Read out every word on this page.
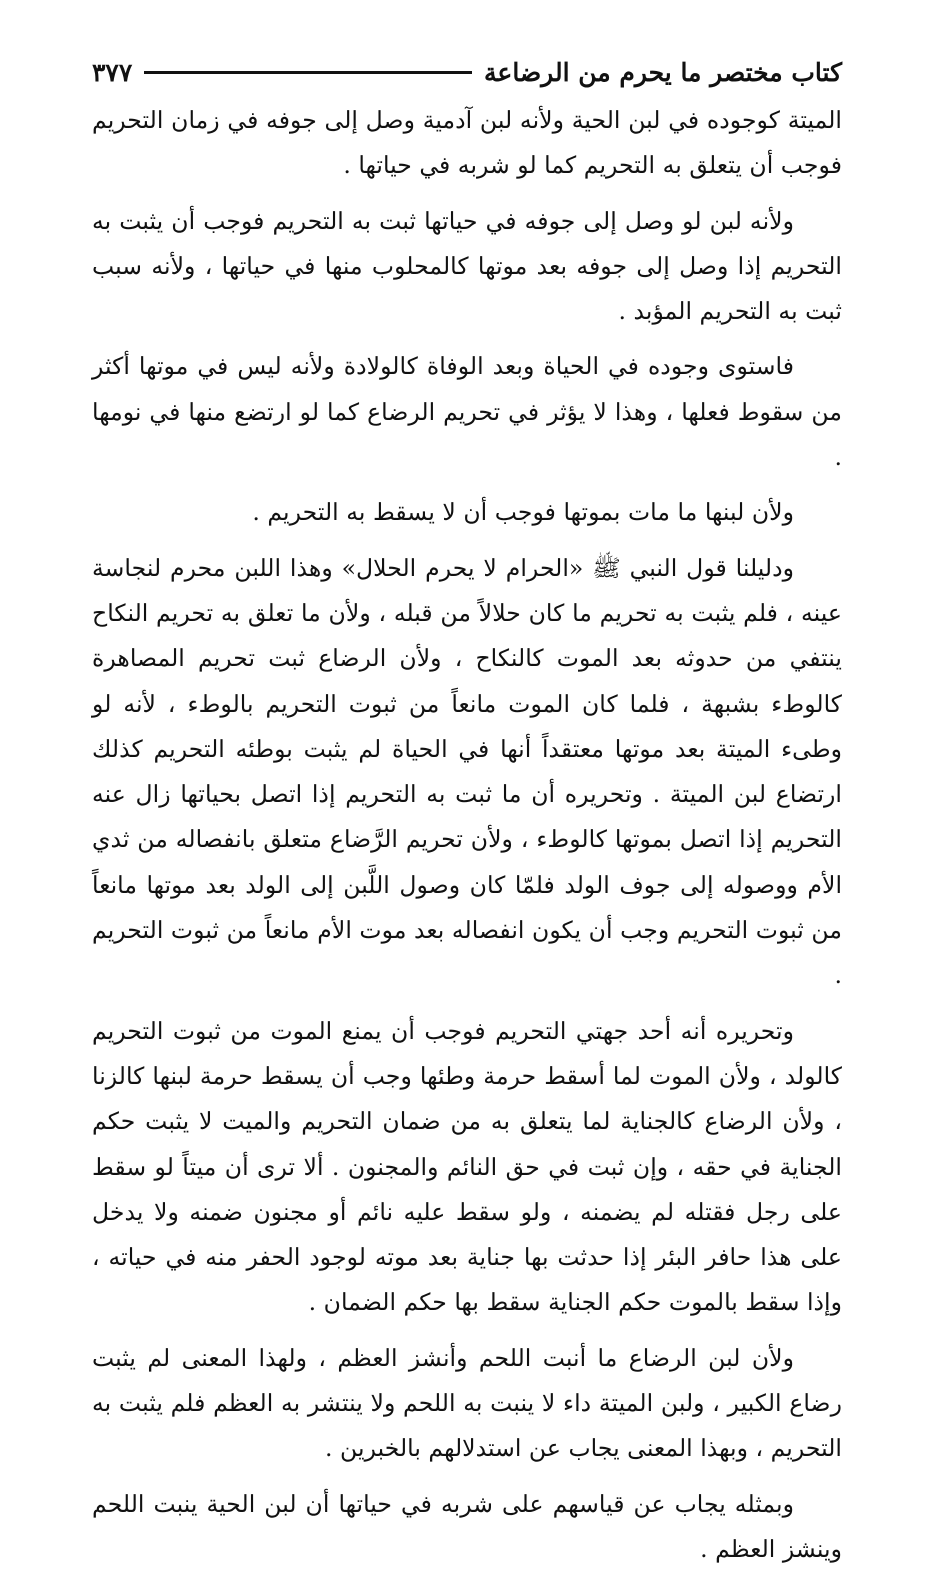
كتاب مختصر ما يحرم من الرضاعة
٣٧٧

الميتة كوجوده في لبن الحية ولأنه لبن آدمية وصل إلى جوفه في زمان التحريم فوجب أن يتعلق به التحريم كما لو شربه في حياتها .

ولأنه لبن لو وصل إلى جوفه في حياتها ثبت به التحريم فوجب أن يثبت به التحريم إذا وصل إلى جوفه بعد موتها كالمحلوب منها في حياتها ، ولأنه سبب ثبت به التحريم المؤبد .

فاستوى وجوده في الحياة وبعد الوفاة كالولادة ولأنه ليس في موتها أكثر من سقوط فعلها ، وهذا لا يؤثر في تحريم الرضاع كما لو ارتضع منها في نومها .

ولأن لبنها ما مات بموتها فوجب أن لا يسقط به التحريم .

ودليلنا قول النبي ﷺ «الحرام لا يحرم الحلال» وهذا اللبن محرم لنجاسة عينه ، فلم يثبت به تحريم ما كان حلالاً من قبله ، ولأن ما تعلق به تحريم النكاح ينتفي من حدوثه بعد الموت كالنكاح ، ولأن الرضاع ثبت تحريم المصاهرة كالوطء بشبهة ، فلما كان الموت مانعاً من ثبوت التحريم بالوطء ، لأنه لو وطىء الميتة بعد موتها معتقداً أنها في الحياة لم يثبت بوطئه التحريم كذلك ارتضاع لبن الميتة . وتحريره أن ما ثبت به التحريم إذا اتصل بحياتها زال عنه التحريم إذا اتصل بموتها كالوطء ، ولأن تحريم الرَّضاع متعلق بانفصاله من ثدي الأم ووصوله إلى جوف الولد فلمّا كان وصول اللَّبن إلى الولد بعد موتها مانعاً من ثبوت التحريم وجب أن يكون انفصاله بعد موت الأم مانعاً من ثبوت التحريم .

وتحريره أنه أحد جهتي التحريم فوجب أن يمنع الموت من ثبوت التحريم كالولد ، ولأن الموت لما أسقط حرمة وطئها وجب أن يسقط حرمة لبنها كالزنا ، ولأن الرضاع كالجناية لما يتعلق به من ضمان التحريم والميت لا يثبت حكم الجناية في حقه ، وإن ثبت في حق النائم والمجنون . ألا ترى أن ميتاً لو سقط على رجل فقتله لم يضمنه ، ولو سقط عليه نائم أو مجنون ضمنه ولا يدخل على هذا حافر البئر إذا حدثت بها جناية بعد موته لوجود الحفر منه في حياته ، وإذا سقط بالموت حكم الجناية سقط بها حكم الضمان .

ولأن لبن الرضاع ما أنبت اللحم وأنشز العظم ، ولهذا المعنى لم يثبت رضاع الكبير ، ولبن الميتة داء لا ينبت به اللحم ولا ينتشر به العظم فلم يثبت به التحريم ، وبهذا المعنى يجاب عن استدلالهم بالخبرين .

وبمثله يجاب عن قياسهم على شربه في حياتها أن لبن الحية ينبت اللحم وينشز العظم .
